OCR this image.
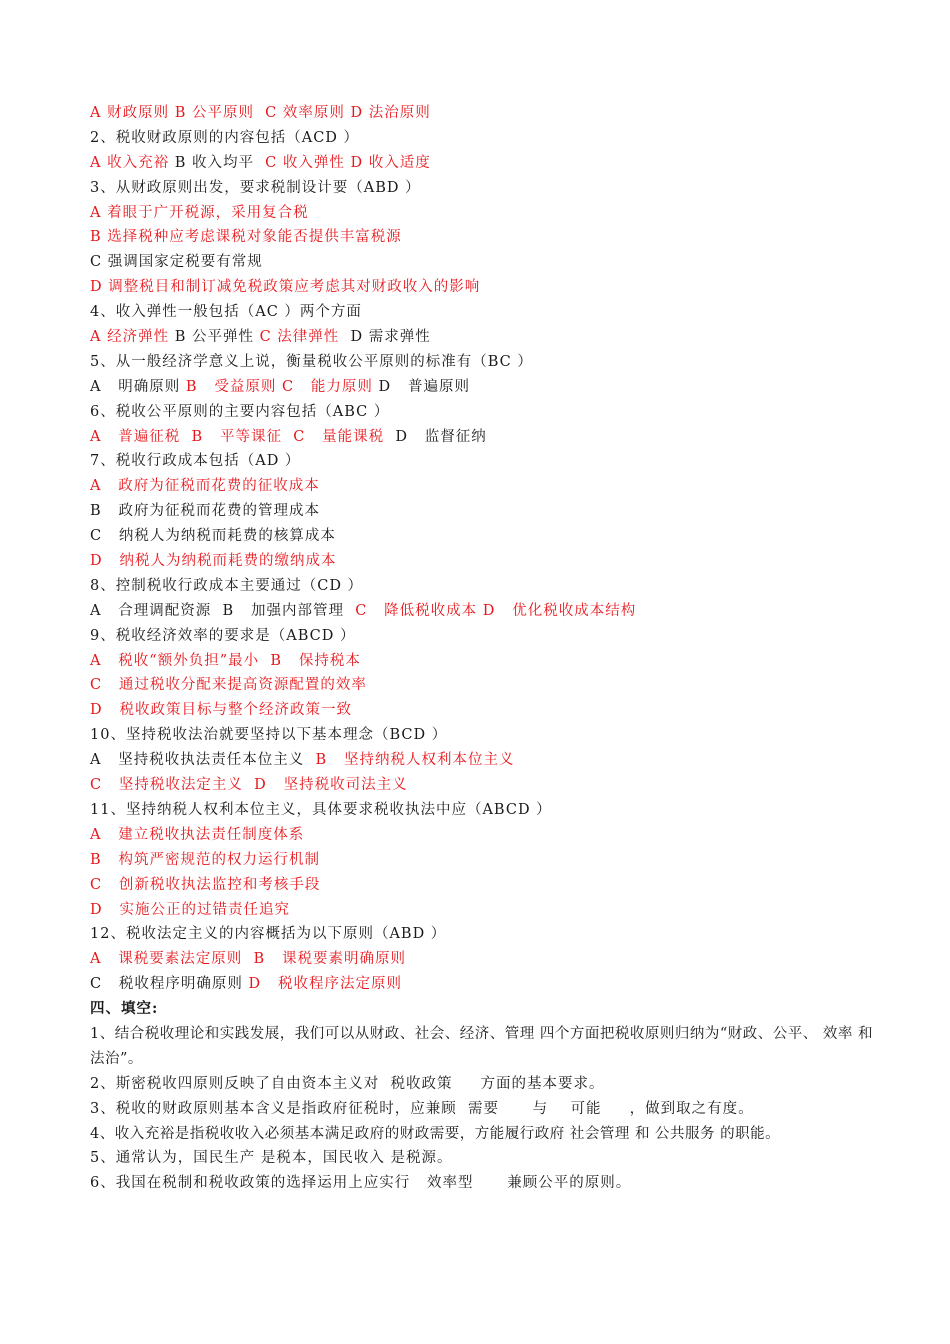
A 财政原则 B 公平原则  C 效率原则 D 法治原则
2、税收财政原则的内容包括（ACD ）
A 收入充裕 B 收入均平  C 收入弹性 D 收入适度
3、从财政原则出发，要求税制设计要（ABD ）
A 着眼于广开税源，采用复合税
B 选择税种应考虑课税对象能否提供丰富税源
C 强调国家定税要有常规
D 调整税目和制订减免税政策应考虑其对财政收入的影响
4、收入弹性一般包括（AC ）两个方面
A 经济弹性 B 公平弹性 C 法律弹性  D 需求弹性
5、从一般经济学意义上说，衡量税收公平原则的标准有（BC ）
A   明确原则 B   受益原则 C   能力原则 D   普遍原则
6、税收公平原则的主要内容包括（ABC ）
A   普遍征税  B   平等课征  C   量能课税  D   监督征纳
7、税收行政成本包括（AD ）
A   政府为征税而花费的征收成本
B   政府为征税而花费的管理成本
C   纳税人为纳税而耗费的核算成本
D   纳税人为纳税而耗费的缴纳成本
8、控制税收行政成本主要通过（CD ）
A   合理调配资源  B   加强内部管理  C   降低税收成本 D   优化税收成本结构
9、税收经济效率的要求是（ABCD ）
A   税收“额外负担”最小  B   保持税本
C   通过税收分配来提高资源配置的效率
D   税收政策目标与整个经济政策一致
10、坚持税收法治就要坚持以下基本理念（BCD ）
A   坚持税收执法责任本位主义  B   坚持纳税人权利本位主义
C   坚持税收法定主义  D   坚持税收司法主义
11、坚持纳税人权利本位主义，具体要求税收执法中应（ABCD ）
A   建立税收执法责任制度体系
B   构筑严密规范的权力运行机制
C   创新税收执法监控和考核手段
D   实施公正的过错责任追究
12、税收法定主义的内容概括为以下原则（ABD ）
A   课税要素法定原则  B   课税要素明确原则
C   税收程序明确原则 D   税收程序法定原则
四、填空:
1、结合税收理论和实践发展，我们可以从财政、社会、经济、管理 四个方面把税收原则归纳为“财政、公平、 效率 和法治”。
2、斯密税收四原则反映了自由资本主义对  税收政策     方面的基本要求。
3、税收的财政原则基本含义是指政府征税时，应兼顾  需要      与    可能     ，做到取之有度。
4、收入充裕是指税收收入必须基本满足政府的财政需要，方能履行政府 社会管理 和 公共服务 的职能。
5、通常认为，国民生产 是税本，国民收入 是税源。
6、我国在税制和税收政策的选择运用上应实行   效率型      兼顾公平的原则。
